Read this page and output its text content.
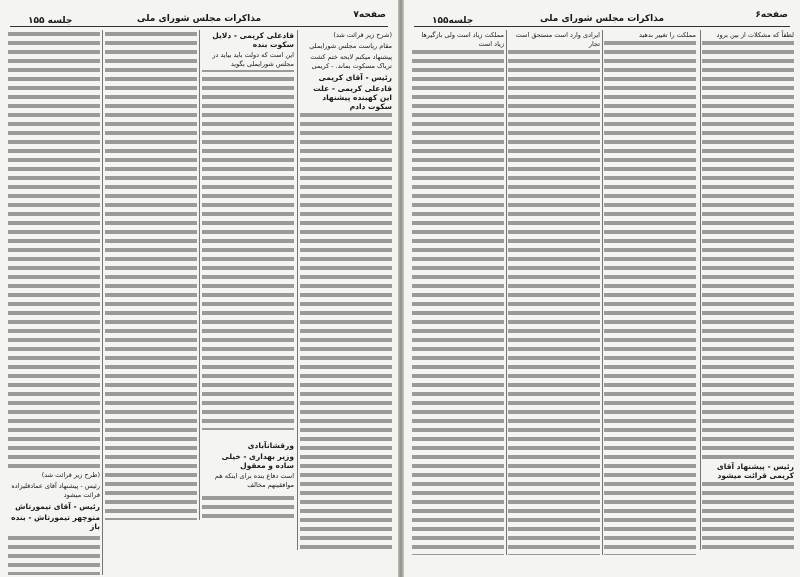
صفحه۷
مذاکرات مجلس شورای ملی
جلسه ۱۵۵

(شرح زیر قرائت شد)

مقام ریاست مجلس شورایملی

پیشنهاد میکنم لایحه ختم کشت تریاک مسکوت بماند. - کریمی

رئیس - آقای کریمی

قادعلی کریمی - علت این کهبنده پیشنهاد سکوت دادم

قادعلی کریمی - دلایل سکوت بنده

این است که دولت باید بیاید در مجلس شورایملی بگوید

ورقشانآبادی

وزیر بهداری - خیلی ساده و معقول

است دفاع بنده برای اینکه هم موافقینهم مخالف

(طرح زیر قرائت شد)

رئیس - پیشنهاد آقای عمادقلیزاده قرائت میشود

رئیس - آقای تیمورتاش

منوچهر تیمورتاش - بنده باز

صفحه۶
مذاکرات مجلس شورای ملی
جلسه۱۵۵

لطفاً که مشکلات از بین برود

رئیس - پیشنهاد آقای کریمی قرائت میشود

مملکت را تغییر بدهید

ایرادی وارد است مستحق است تجار

مملکت زیاد است ولی بازگیرها زیاد است
